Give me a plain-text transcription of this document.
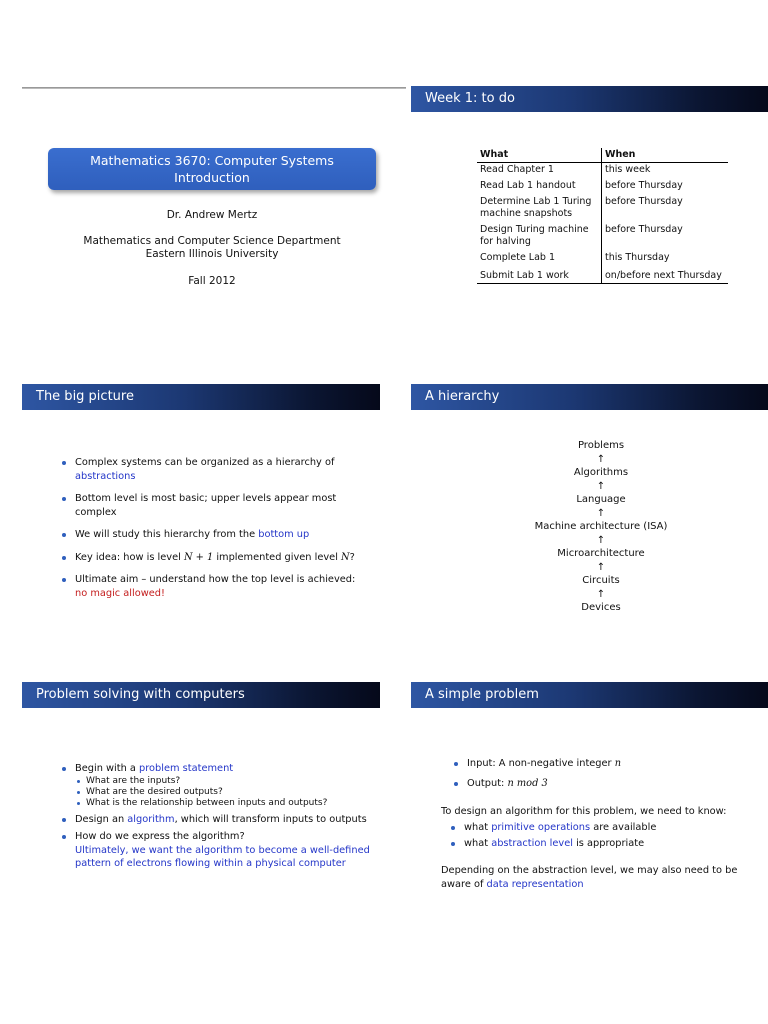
Mathematics 3670: Computer Systems
Introduction
Dr. Andrew Mertz
Mathematics and Computer Science Department
Eastern Illinois University
Fall 2012
Week 1: to do
What	When
Read Chapter 1	this week
Read Lab 1 handout	before Thursday
Determine Lab 1 Turing machine snapshots	before Thursday
Design Turing machine for halving	before Thursday
Complete Lab 1	this Thursday
Submit Lab 1 work	on/before next Thursday

The big picture
Complex systems can be organized as a hierarchy of
abstractions
Bottom level is most basic; upper levels appear most complex
We will study this hierarchy from the bottom up
Key idea: how is level N + 1 implemented given level N?
Ultimate aim – understand how the top level is achieved:
no magic allowed!
A hierarchy
Problems
↑
Algorithms
↑
Language
↑
Machine architecture (ISA)
↑
Microarchitecture
↑
Circuits
↑
Devices
Problem solving with computers
Begin with a problem statement
What are the inputs?
What are the desired outputs?
What is the relationship between inputs and outputs?
Design an algorithm, which will transform inputs to outputs
How do we express the algorithm?
Ultimately, we want the algorithm to become a well-defined
pattern of electrons flowing within a physical computer
A simple problem
Input: A non-negative integer n
Output: n mod 3
To design an algorithm for this problem, we need to know:
what primitive operations are available
what abstraction level is appropriate
Depending on the abstraction level, we may also need to be aware of data representation
